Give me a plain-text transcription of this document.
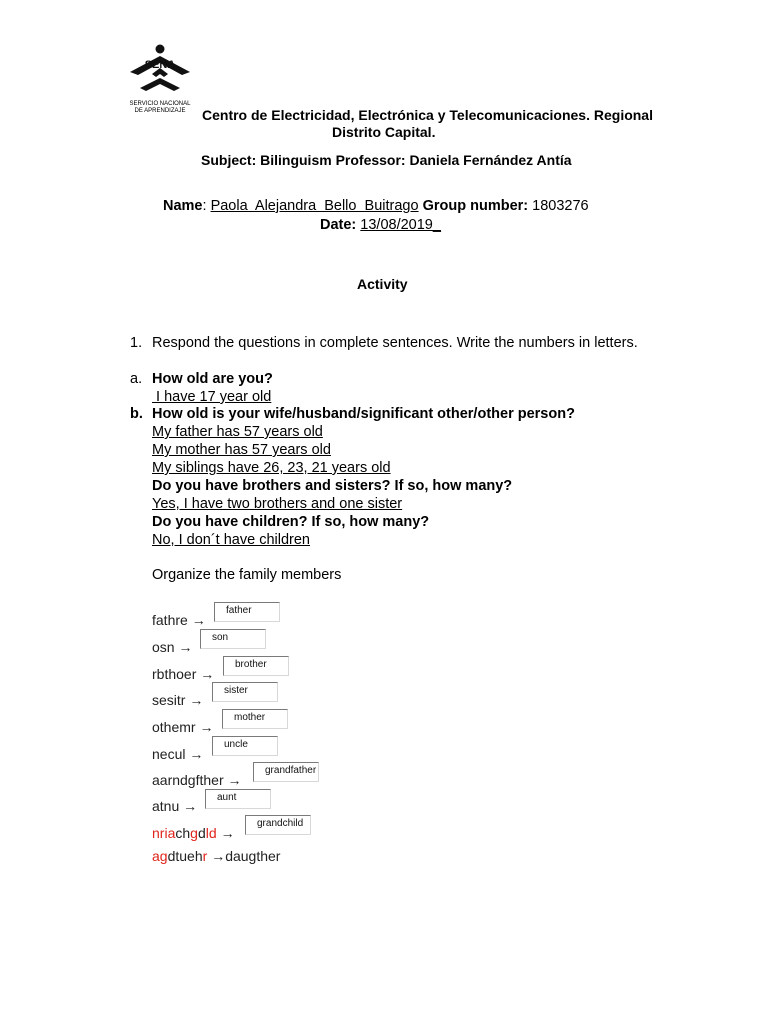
SENA
SERVICIO NACIONAL
DE APRENDIZAJE	Centro de Electricidad, Electrónica y Telecomunicaciones. Regional
Distrito Capital.
Subject: Bilinguism Professor: Daniela Fernández Antía
Name: Paola  Alejandra  Bello  Buitrago Group number: 1803276
Date: 13/08/2019_
Activity
1. Respond the questions in complete sentences. Write the numbers in letters.
a. How old are you?
I have 17 year old
b. How old is your wife/husband/significant other/other person?
My father has 57 years old
My mother has 57 years old
My siblings have 26, 23, 21 years old
Do you have brothers and sisters? If so, how many?
Yes, I have two brothers and one sister
Do you have children? If so, how many?
No, I don´t have children
Organize the family members
fathre →
father
osn →
son
rbthoer →
brother
sesitr →
sister
othemr →
mother
necul →
uncle
aarndgfther →
grandfather
atnu →
aunt
nriachgdld →
grandchild
agdtuehr →daugther
